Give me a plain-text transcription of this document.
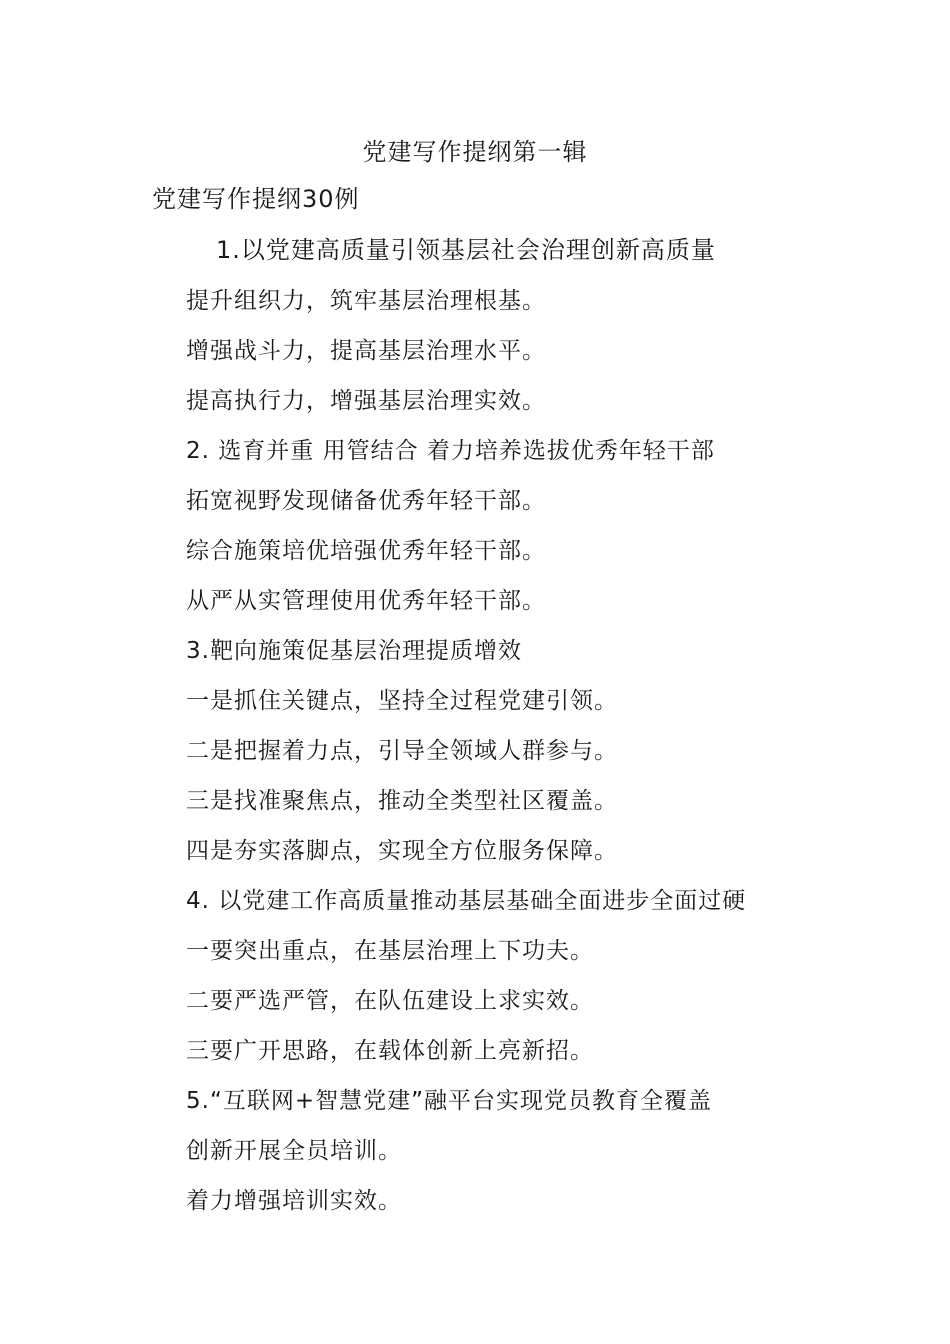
党建写作提纲第一辑
党建写作提纲30例
1.以党建高质量引领基层社会治理创新高质量
提升组织力，筑牢基层治理根基。
增强战斗力，提高基层治理水平。
提高执行力，增强基层治理实效。
2. 选育并重 用管结合 着力培养选拔优秀年轻干部
拓宽视野发现储备优秀年轻干部。
综合施策培优培强优秀年轻干部。
从严从实管理使用优秀年轻干部。
3.靶向施策促基层治理提质增效
一是抓住关键点，坚持全过程党建引领。
二是把握着力点，引导全领域人群参与。
三是找准聚焦点，推动全类型社区覆盖。
四是夯实落脚点，实现全方位服务保障。
4. 以党建工作高质量推动基层基础全面进步全面过硬
一要突出重点，在基层治理上下功夫。
二要严选严管，在队伍建设上求实效。
三要广开思路，在载体创新上亮新招。
5.“互联网+智慧党建”融平台实现党员教育全覆盖
创新开展全员培训。
着力增强培训实效。
